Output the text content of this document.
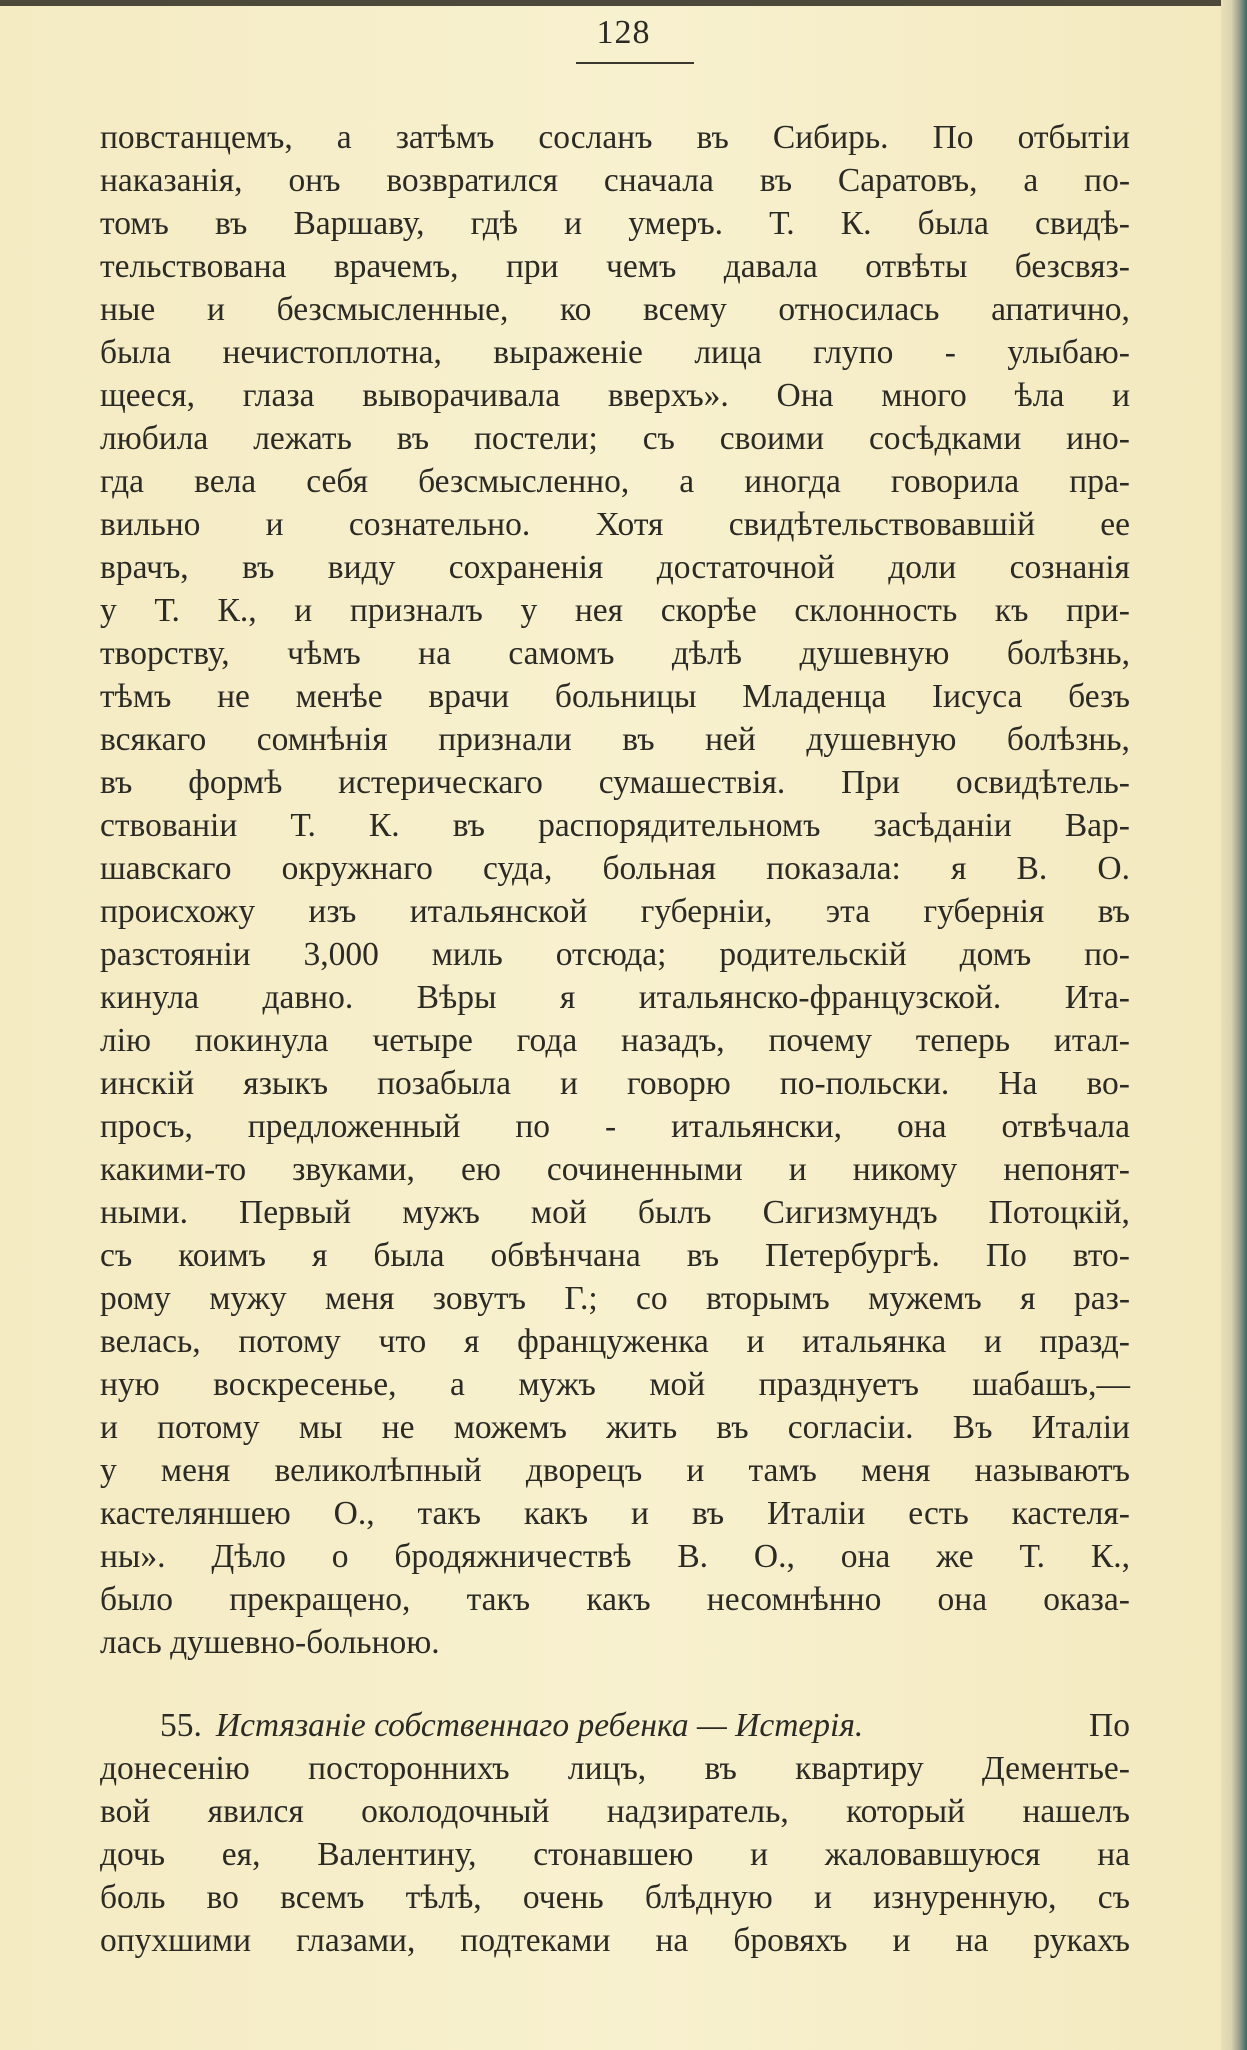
128
повстанцемъ, а затѣмъ сосланъ въ Сибирь. По отбытіи
наказанія, онъ возвратился сначала въ Саратовъ, а по-
томъ въ Варшаву, гдѣ и умеръ. Т. К. была свидѣ-
тельствована врачемъ, при чемъ давала отвѣты безсвяз-
ные и безсмысленные, ко всему относилась апатично,
была нечистоплотна, выраженіе лица глупо - улыбаю-
щееся, глаза выворачивала вверхъ». Она много ѣла и
любила лежать въ постели; съ своими сосѣдками ино-
гда вела себя безсмысленно, а иногда говорила пра-
вильно и сознательно. Хотя свидѣтельствовавшій ее
врачъ, въ виду сохраненія достаточной доли сознанія
у Т. К., и призналъ у нея скорѣе склонность къ при-
творству, чѣмъ на самомъ дѣлѣ душевную болѣзнь,
тѣмъ не менѣе врачи больницы Младенца Іисуса безъ
всякаго сомнѣнія признали въ ней душевную болѣзнь,
въ формѣ истерическаго сумашествія. При освидѣтель-
ствованіи Т. К. въ распорядительномъ засѣданіи Вар-
шавскаго окружнаго суда, больная показала: я В. О.
происхожу изъ итальянской губерніи, эта губернія въ
разстояніи 3,000 миль отсюда; родительскій домъ по-
кинула давно. Вѣры я итальянско-французской. Ита-
лію покинула четыре года назадъ, почему теперь итал-
инскій языкъ позабыла и говорю по-польски. На во-
просъ, предложенный по - итальянски, она отвѣчала
какими-то звуками, ею сочиненными и никому непонят-
ными. Первый мужъ мой былъ Сигизмундъ Потоцкій,
съ коимъ я была обвѣнчана въ Петербургѣ. По вто-
рому мужу меня зовутъ Г.; со вторымъ мужемъ я раз-
велась, потому что я француженка и итальянка и празд-
ную воскресенье, а мужъ мой празднуетъ шабашъ,—
и потому мы не можемъ жить въ согласіи. Въ Италіи
у меня великолѣпный дворецъ и тамъ меня называютъ
кастеляншею О., такъ какъ и въ Италіи есть кастеля-
ны». Дѣло о бродяжничествѣ В. О., она же Т. К.,
было прекращено, такъ какъ несомнѣнно она оказа-
лась душевно-больною.
55. Истязаніе собственнаго ребенка — Истерія.	По
донесенію постороннихъ лицъ, въ квартиру Дементье-
вой явился околодочный надзиратель, который нашелъ
дочь ея, Валентину, стонавшею и жаловавшуюся на
боль во всемъ тѣлѣ, очень блѣдную и изнуренную, съ
опухшими глазами, подтеками на бровяхъ и на рукахъ
